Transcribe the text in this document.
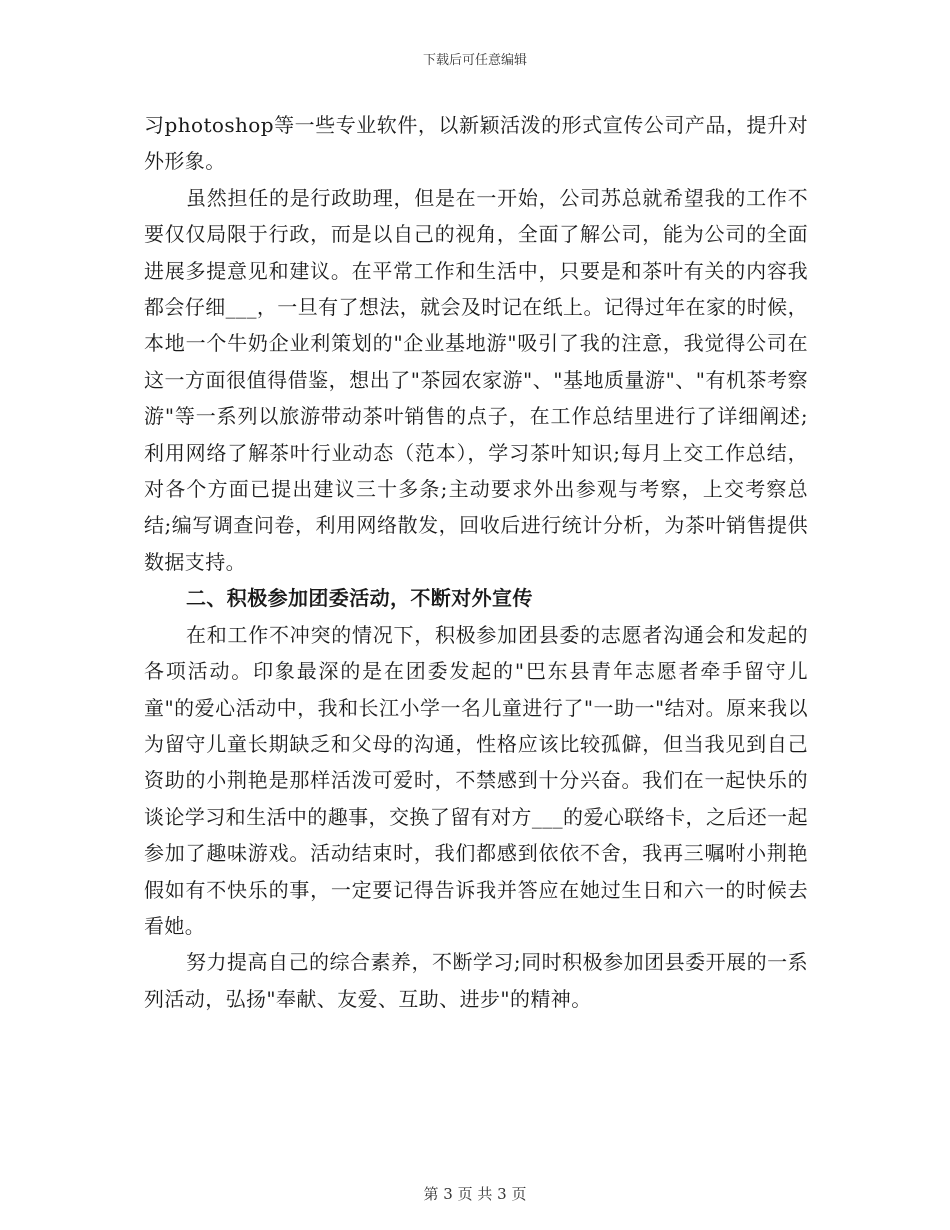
下载后可任意编辑

习photoshop等一些专业软件，以新颖活泼的形式宣传公司产品，提升对外形象。

虽然担任的是行政助理，但是在一开始，公司苏总就希望我的工作不要仅仅局限于行政，而是以自己的视角，全面了解公司，能为公司的全面进展多提意见和建议。在平常工作和生活中，只要是和茶叶有关的内容我都会仔细___，一旦有了想法，就会及时记在纸上。记得过年在家的时候，本地一个牛奶企业利策划的"企业基地游"吸引了我的注意，我觉得公司在这一方面很值得借鉴，想出了"茶园农家游"、"基地质量游"、"有机茶考察游"等一系列以旅游带动茶叶销售的点子，在工作总结里进行了详细阐述;利用网络了解茶叶行业动态（范本），学习茶叶知识;每月上交工作总结，对各个方面已提出建议三十多条;主动要求外出参观与考察，上交考察总结;编写调查问卷，利用网络散发，回收后进行统计分析，为茶叶销售提供数据支持。

二、积极参加团委活动，不断对外宣传

在和工作不冲突的情况下，积极参加团县委的志愿者沟通会和发起的各项活动。印象最深的是在团委发起的"巴东县青年志愿者牵手留守儿童"的爱心活动中，我和长江小学一名儿童进行了"一助一"结对。原来我以为留守儿童长期缺乏和父母的沟通，性格应该比较孤僻，但当我见到自己资助的小荆艳是那样活泼可爱时，不禁感到十分兴奋。我们在一起快乐的谈论学习和生活中的趣事，交换了留有对方___的爱心联络卡，之后还一起参加了趣味游戏。活动结束时，我们都感到依依不舍，我再三嘱咐小荆艳假如有不快乐的事，一定要记得告诉我并答应在她过生日和六一的时候去看她。

努力提高自己的综合素养，不断学习;同时积极参加团县委开展的一系列活动，弘扬"奉献、友爱、互助、进步"的精神。

第 3 页 共 3 页
